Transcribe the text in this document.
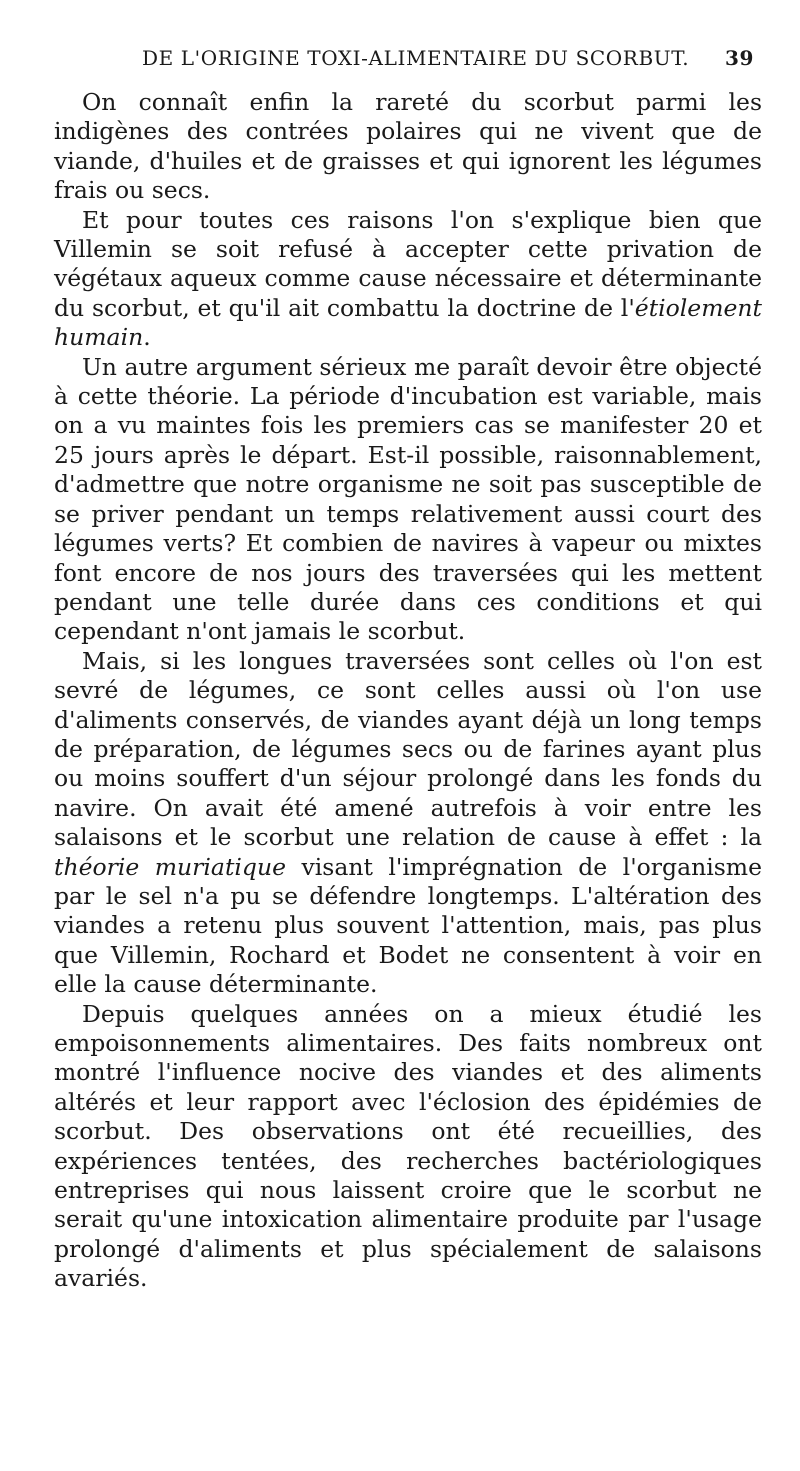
DE L'ORIGINE TOXI-ALIMENTAIRE DU SCORBUT. 39

On connaît enfin la rareté du scorbut parmi les indigènes des contrées polaires qui ne vivent que de viande, d'huiles et de graisses et qui ignorent les légumes frais ou secs.

Et pour toutes ces raisons l'on s'explique bien que Villemin se soit refusé à accepter cette privation de végétaux aqueux comme cause nécessaire et déterminante du scorbut, et qu'il ait combattu la doctrine de l'étiolement humain.

Un autre argument sérieux me paraît devoir être objecté à cette théorie. La période d'incubation est variable, mais on a vu maintes fois les premiers cas se manifester 20 et 25 jours après le départ. Est-il possible, raisonnablement, d'admettre que notre organisme ne soit pas susceptible de se priver pendant un temps relativement aussi court des légumes verts? Et combien de navires à vapeur ou mixtes font encore de nos jours des traversées qui les mettent pendant une telle durée dans ces conditions et qui cependant n'ont jamais le scorbut.

Mais, si les longues traversées sont celles où l'on est sevré de légumes, ce sont celles aussi où l'on use d'aliments conservés, de viandes ayant déjà un long temps de préparation, de légumes secs ou de farines ayant plus ou moins souffert d'un séjour prolongé dans les fonds du navire. On avait été amené autrefois à voir entre les salaisons et le scorbut une relation de cause à effet : la théorie muriatique visant l'imprégnation de l'organisme par le sel n'a pu se défendre longtemps. L'altération des viandes a retenu plus souvent l'attention, mais, pas plus que Villemin, Rochard et Bodet ne consentent à voir en elle la cause déterminante.

Depuis quelques années on a mieux étudié les empoisonnements alimentaires. Des faits nombreux ont montré l'influence nocive des viandes et des aliments altérés et leur rapport avec l'éclosion des épidémies de scorbut. Des observations ont été recueillies, des expériences tentées, des recherches bactériologiques entreprises qui nous laissent croire que le scorbut ne serait qu'une intoxication alimentaire produite par l'usage prolongé d'aliments et plus spécialement de salaisons avariés.
